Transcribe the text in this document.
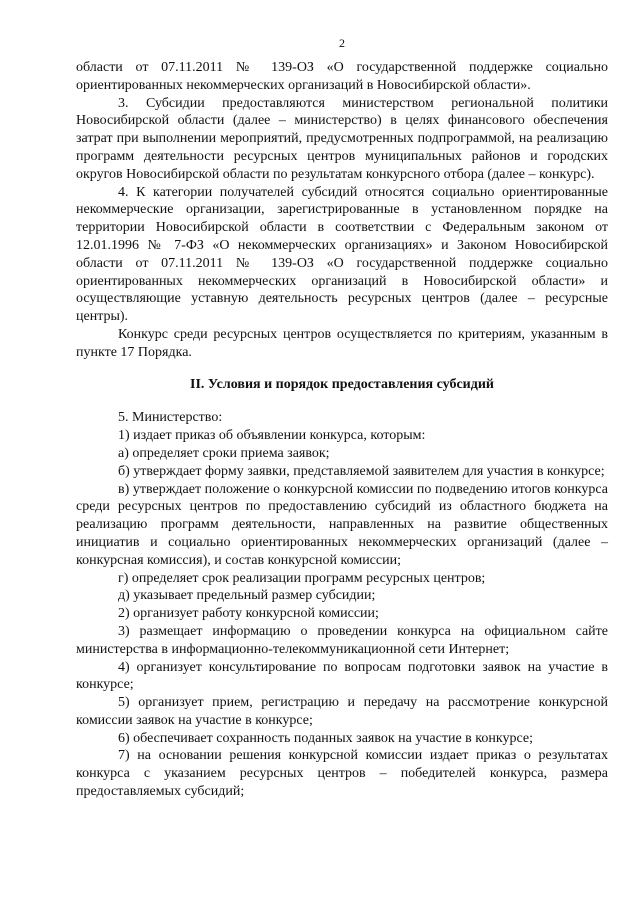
2

области от 07.11.2011 № 139-ОЗ «О государственной поддержке социально ориентированных некоммерческих организаций в Новосибирской области».

3. Субсидии предоставляются министерством региональной политики Новосибирской области (далее – министерство) в целях финансового обеспечения затрат при выполнении мероприятий, предусмотренных подпрограммой, на реализацию программ деятельности ресурсных центров муниципальных районов и городских округов Новосибирской области по результатам конкурсного отбора (далее – конкурс).

4. К категории получателей субсидий относятся социально ориентированные некоммерческие организации, зарегистрированные в установленном порядке на территории Новосибирской области в соответствии с Федеральным законом от 12.01.1996 № 7-ФЗ «О некоммерческих организациях» и Законом Новосибирской области от 07.11.2011 № 139-ОЗ «О государственной поддержке социально ориентированных некоммерческих организаций в Новосибирской области» и осуществляющие уставную деятельность ресурсных центров (далее – ресурсные центры).

Конкурс среди ресурсных центров осуществляется по критериям, указанным в пункте 17 Порядка.

II. Условия и порядок предоставления субсидий

5. Министерство:

1) издает приказ об объявлении конкурса, которым:

а) определяет сроки приема заявок;

б) утверждает форму заявки, представляемой заявителем для участия в конкурсе;

в) утверждает положение о конкурсной комиссии по подведению итогов конкурса среди ресурсных центров по предоставлению субсидий из областного бюджета на реализацию программ деятельности, направленных на развитие общественных инициатив и социально ориентированных некоммерческих организаций (далее – конкурсная комиссия), и состав конкурсной комиссии;

г) определяет срок реализации программ ресурсных центров;

д) указывает предельный размер субсидии;

2) организует работу конкурсной комиссии;

3) размещает информацию о проведении конкурса на официальном сайте министерства в информационно-телекоммуникационной сети Интернет;

4) организует консультирование по вопросам подготовки заявок на участие в конкурсе;

5) организует прием, регистрацию и передачу на рассмотрение конкурсной комиссии заявок на участие в конкурсе;

6) обеспечивает сохранность поданных заявок на участие в конкурсе;

7) на основании решения конкурсной комиссии издает приказ о результатах конкурса с указанием ресурсных центров – победителей конкурса, размера предоставляемых субсидий;
